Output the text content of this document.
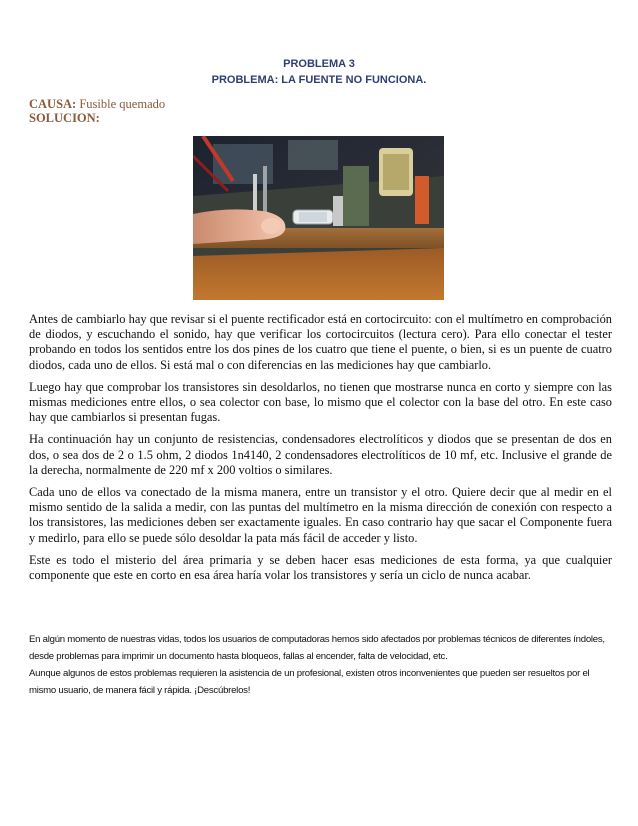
PROBLEMA 3
PROBLEMA: LA FUENTE NO FUNCIONA.
CAUSA: Fusible quemado
SOLUCION:

Antes de cambiarlo hay que revisar si el puente rectificador está en cortocircuito: con el multímetro en comprobación de diodos, y escuchando el sonido, hay que verificar los cortocircuitos (lectura cero). Para ello conectar el tester probando en todos los sentidos entre los dos pines de los cuatro que tiene el puente, o bien, si es un puente de cuatro diodos, cada uno de ellos. Si está mal o con diferencias en las mediciones hay que cambiarlo.

Luego hay que comprobar los transistores sin desoldarlos, no tienen que mostrarse nunca en corto y siempre con las mismas mediciones entre ellos, o sea colector con base, lo mismo que el colector con la base del otro. En este caso hay que cambiarlos si presentan fugas.

Ha continuación hay un conjunto de resistencias, condensadores electrolíticos y diodos que se presentan de dos en dos, o sea dos de 2 o 1.5 ohm, 2 diodos 1n4140, 2 condensadores electrolíticos de 10 mf, etc. Inclusive el grande de la derecha, normalmente de 220 mf x 200 voltios o similares.

Cada uno de ellos va conectado de la misma manera, entre un transistor y el otro. Quiere decir que al medir en el mismo sentido de la salida a medir, con las puntas del multímetro en la misma dirección de conexión con respecto a los transistores, las mediciones deben ser exactamente iguales. En caso contrario hay que sacar el Componente fuera y medirlo, para ello se puede sólo desoldar la pata más fácil de acceder y listo.

Este es todo el misterio del área primaria y se deben hacer esas mediciones de esta forma, ya que cualquier componente que este en corto en esa área haría volar los transistores y sería un ciclo de nunca acabar.

En algún momento de nuestras vidas, todos los usuarios de computadoras hemos sido afectados por problemas técnicos de diferentes índoles, desde problemas para imprimir un documento hasta bloqueos, fallas al encender, falta de velocidad, etc.

Aunque algunos de estos problemas requieren la asistencia de un profesional, existen otros inconvenientes que pueden ser resueltos por el mismo usuario, de manera fácil y rápida. ¡Descúbrelos!
